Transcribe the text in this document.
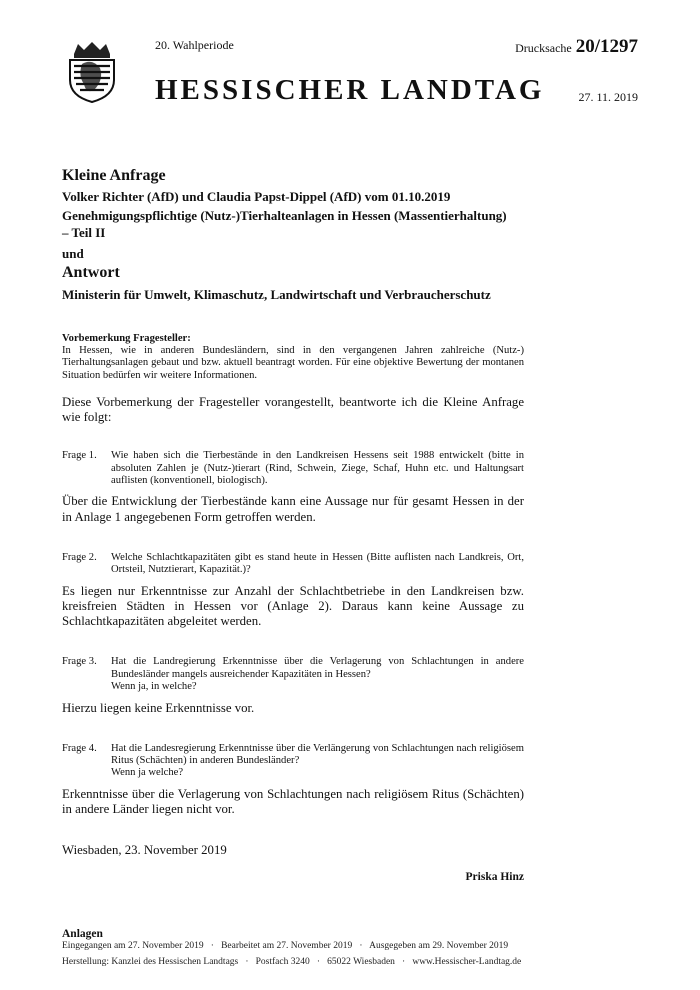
20. Wahlperiode
HESSISCHER LANDTAG
Drucksache 20/1297
27. 11. 2019
Kleine Anfrage
Volker Richter (AfD) und Claudia Papst-Dippel (AfD) vom 01.10.2019
Genehmigungspflichtige (Nutz-)Tierhalteanlagen in Hessen (Massentierhaltung)
– Teil II
und
Antwort
Ministerin für Umwelt, Klimaschutz, Landwirtschaft und Verbraucherschutz
Vorbemerkung Fragesteller:
In Hessen, wie in anderen Bundesländern, sind in den vergangenen Jahren zahlreiche (Nutz-) Tierhaltungsanlagen gebaut und bzw. aktuell beantragt worden. Für eine objektive Bewertung der montanen Situation bedürfen wir weitere Informationen.
Diese Vorbemerkung der Fragesteller vorangestellt, beantworte ich die Kleine Anfrage wie folgt:
Frage 1.	Wie haben sich die Tierbestände in den Landkreisen Hessens seit 1988 entwickelt (bitte in absoluten Zahlen je (Nutz-)tierart (Rind, Schwein, Ziege, Schaf, Huhn etc. und Haltungsart auflisten (konventionell, biologisch).
Über die Entwicklung der Tierbestände kann eine Aussage nur für gesamt Hessen in der in Anlage 1 angegebenen Form getroffen werden.
Frage 2.	Welche Schlachtkapazitäten gibt es stand heute in Hessen (Bitte auflisten nach Landkreis, Ort, Ortsteil, Nutztierart, Kapazität.)?
Es liegen nur Erkenntnisse zur Anzahl der Schlachtbetriebe in den Landkreisen bzw. kreisfreien Städten in Hessen vor (Anlage 2). Daraus kann keine Aussage zu Schlachtkapazitäten abgeleitet werden.
Frage 3.	Hat die Landregierung Erkenntnisse über die Verlagerung von Schlachtungen in andere Bundesländer mangels ausreichender Kapazitäten in Hessen?
Wenn ja, in welche?
Hierzu liegen keine Erkenntnisse vor.
Frage 4.	Hat die Landesregierung Erkenntnisse über die Verlängerung von Schlachtungen nach religiösem Ritus (Schächten) in anderen Bundesländer?
Wenn ja welche?
Erkenntnisse über die Verlagerung von Schlachtungen nach religiösem Ritus (Schächten) in andere Länder liegen nicht vor.
Wiesbaden, 23. November 2019
Priska Hinz
Anlagen
Eingegangen am 27. November 2019   ·   Bearbeitet am 27. November 2019   ·   Ausgegeben am 29. November 2019
Herstellung: Kanzlei des Hessischen Landtags   ·   Postfach 3240   ·   65022 Wiesbaden   ·   www.Hessischer-Landtag.de
